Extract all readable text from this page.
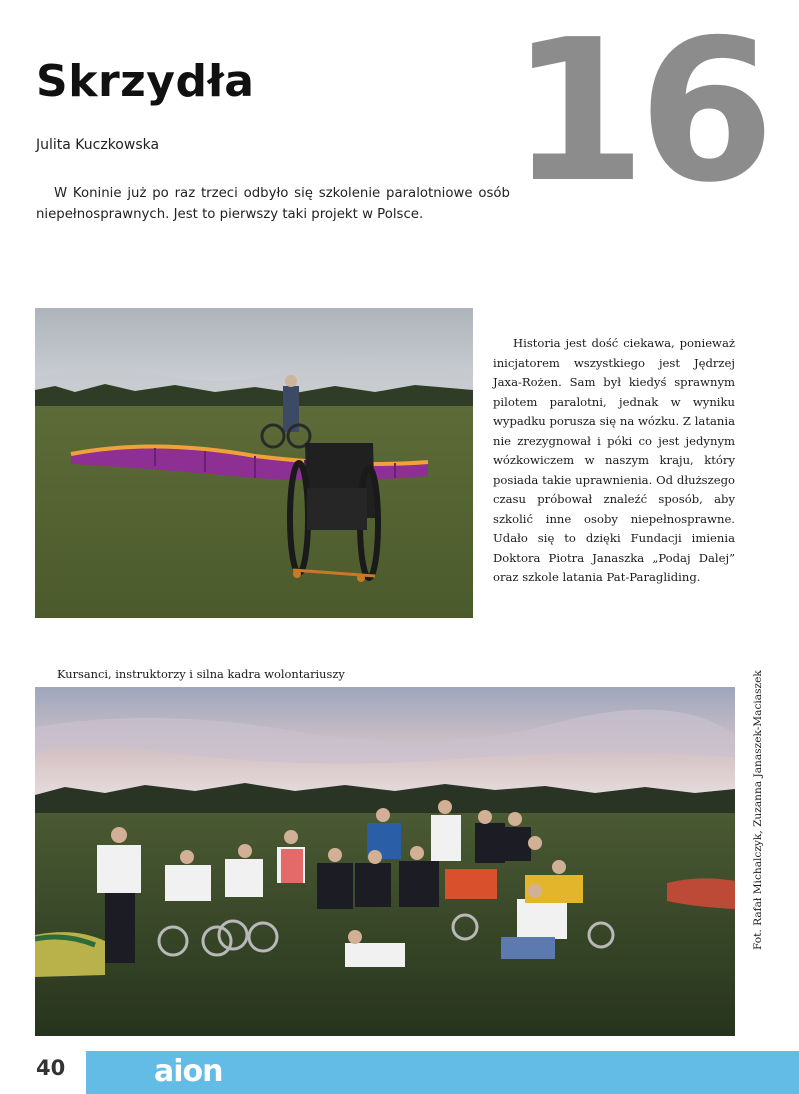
Skrzydła 16
Julita Kuczkowska

W Koninie już po raz trzeci odbyło się szkolenie paralotniowe osób niepełnosprawnych. Jest to pierwszy taki projekt w Polsce.

Historia jest dość ciekawa, ponieważ inicjatorem wszystkiego jest Jędrzej Jaxa-Rożen. Sam był kiedyś sprawnym pilotem paralotni, jednak w wyniku wypadku porusza się na wózku. Z latania nie zrezygnował i póki co jest jedynym wózkowiczem w naszym kraju, który posiada takie uprawnienia. Od dłuższego czasu próbował znaleźć sposób, aby szkolić inne osoby niepełnosprawne. Udało się to dzięki Fundacji imienia Doktora Piotra Janaszka „Podaj Dalej” oraz szkole latania Pat-Paragliding.

Kursanci, instruktorzy i silna kadra wolontariuszy	Fot. Rafał Michalczyk, Zuzanna Janaszek-Maciaszek
40	aion
